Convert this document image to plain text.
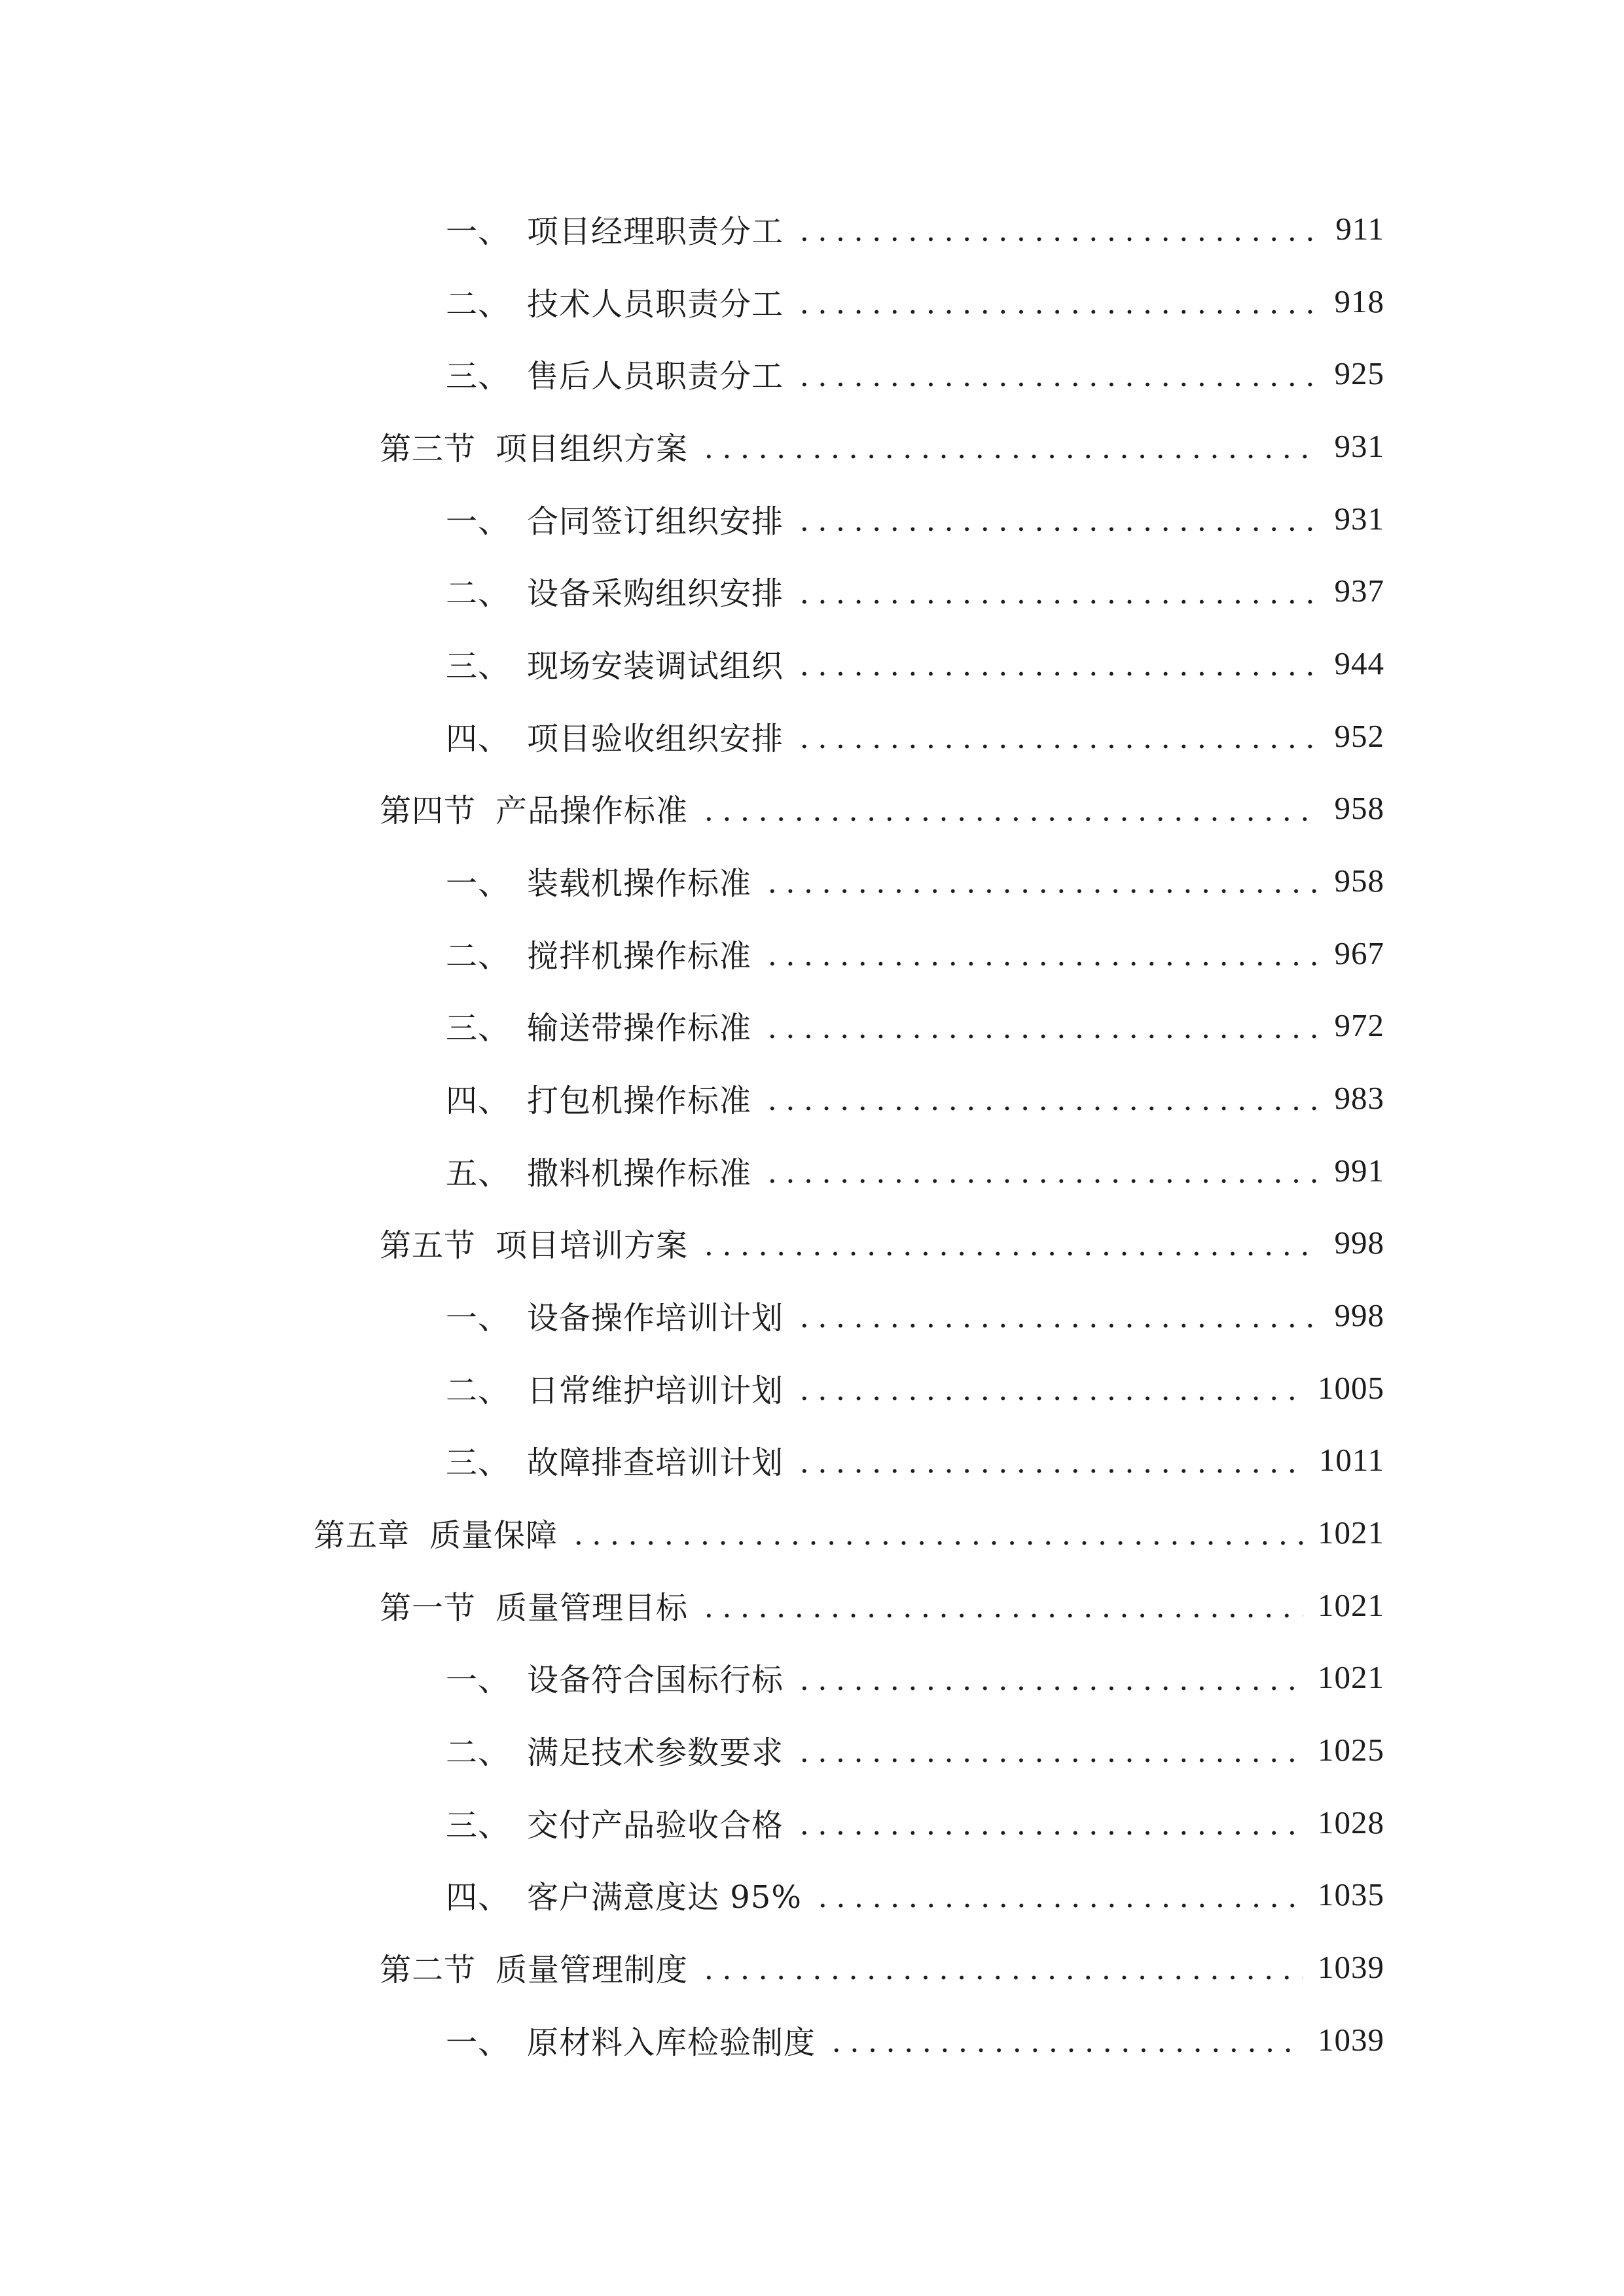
一、 项目经理职责分工	911
二、 技术人员职责分工	918
三、 售后人员职责分工	925
第三节 项目组织方案	931
一、 合同签订组织安排	931
二、 设备采购组织安排	937
三、 现场安装调试组织	944
四、 项目验收组织安排	952
第四节 产品操作标准	958
一、 装载机操作标准	958
二、 搅拌机操作标准	967
三、 输送带操作标准	972
四、 打包机操作标准	983
五、 撒料机操作标准	991
第五节 项目培训方案	998
一、 设备操作培训计划	998
二、 日常维护培训计划	1005
三、 故障排查培训计划	1011
第五章 质量保障	1021
第一节 质量管理目标	1021
一、 设备符合国标行标	1021
二、 满足技术参数要求	1025
三、 交付产品验收合格	1028
四、 客户满意度达 95%	1035
第二节 质量管理制度	1039
一、 原材料入库检验制度	1039
